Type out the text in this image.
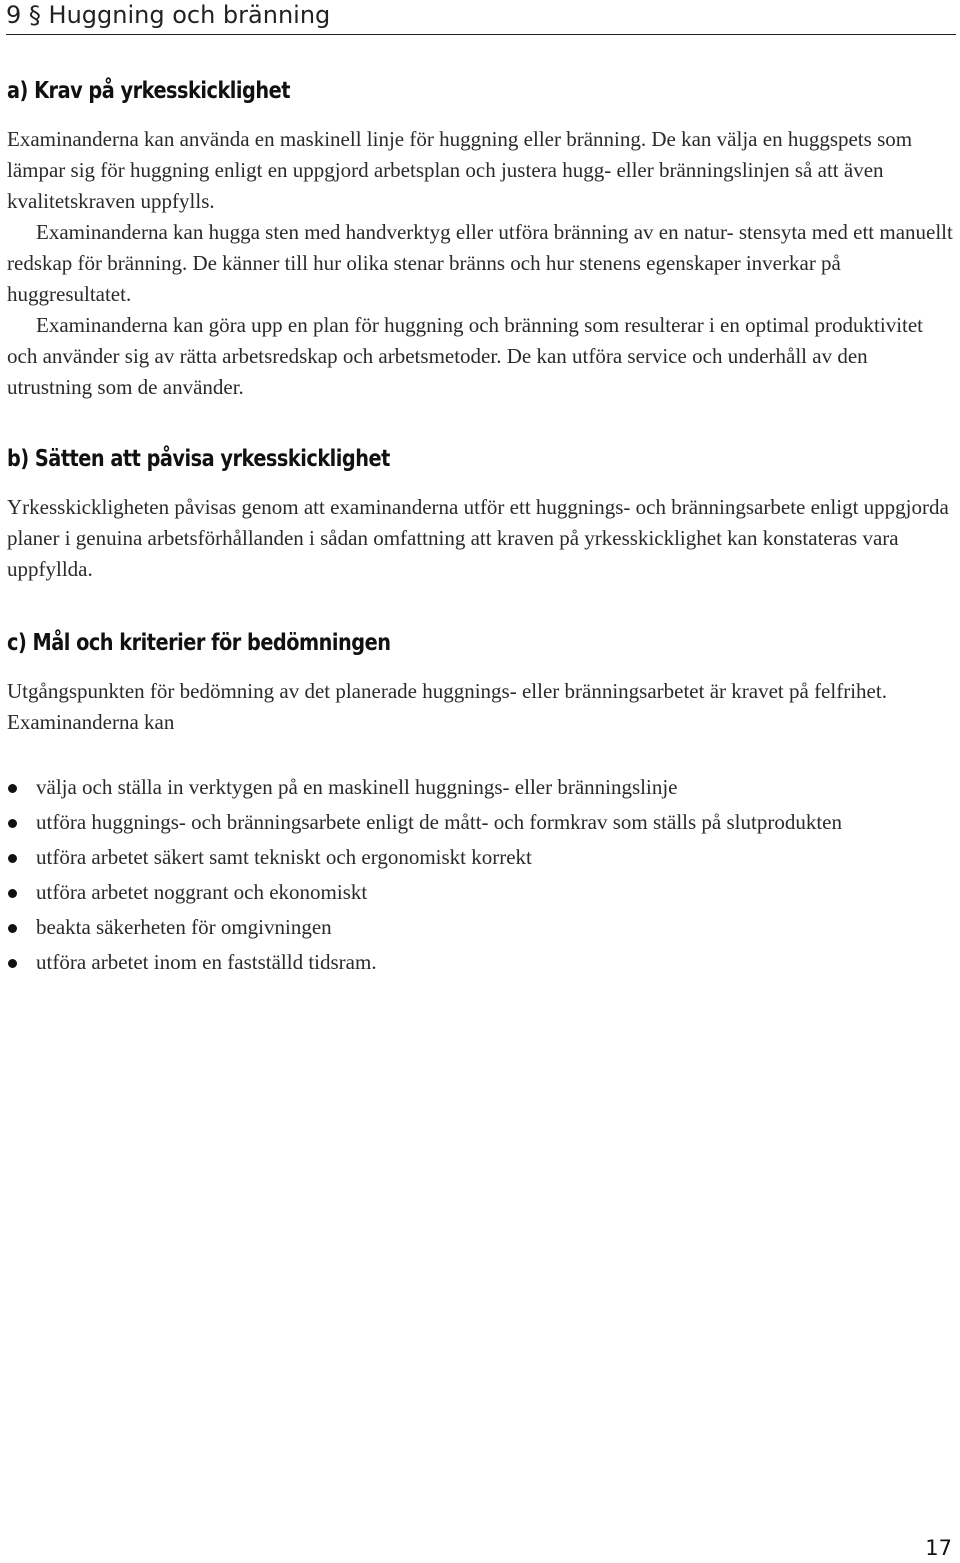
9 § Huggning och bränning
a) Krav på yrkesskicklighet

Examinanderna kan använda en maskinell linje för huggning eller bränning. De kan välja en huggspets som lämpar sig för huggning enligt en uppgjord arbetsplan och justera hugg- eller bränningslinjen så att även kvalitetskraven uppfylls.

Examinanderna kan hugga sten med handverktyg eller utföra bränning av en natur- stensyta med ett manuellt redskap för bränning. De känner till hur olika stenar bränns och hur stenens egenskaper inverkar på huggresultatet.

Examinanderna kan göra upp en plan för huggning och bränning som resulterar i en optimal produktivitet och använder sig av rätta arbetsredskap och arbetsmetoder. De kan utföra service och underhåll av den utrustning som de använder.

b) Sätten att påvisa yrkesskicklighet

Yrkesskickligheten påvisas genom att examinanderna utför ett huggnings- och bränningsarbete enligt uppgjorda planer i genuina arbetsförhållanden i sådan omfattning att kraven på yrkesskicklighet kan konstateras vara uppfyllda.

c) Mål och kriterier för bedömningen

Utgångspunkten för bedömning av det planerade huggnings- eller bränningsarbetet är kravet på felfrihet. Examinanderna kan

välja och ställa in verktygen på en maskinell huggnings- eller bränningslinje
utföra huggnings- och bränningsarbete enligt de mått- och formkrav som ställs på slutprodukten
utföra arbetet säkert samt tekniskt och ergonomiskt korrekt
utföra arbetet noggrant och ekonomiskt
beakta säkerheten för omgivningen
utföra arbetet inom en fastställd tidsram.
17
